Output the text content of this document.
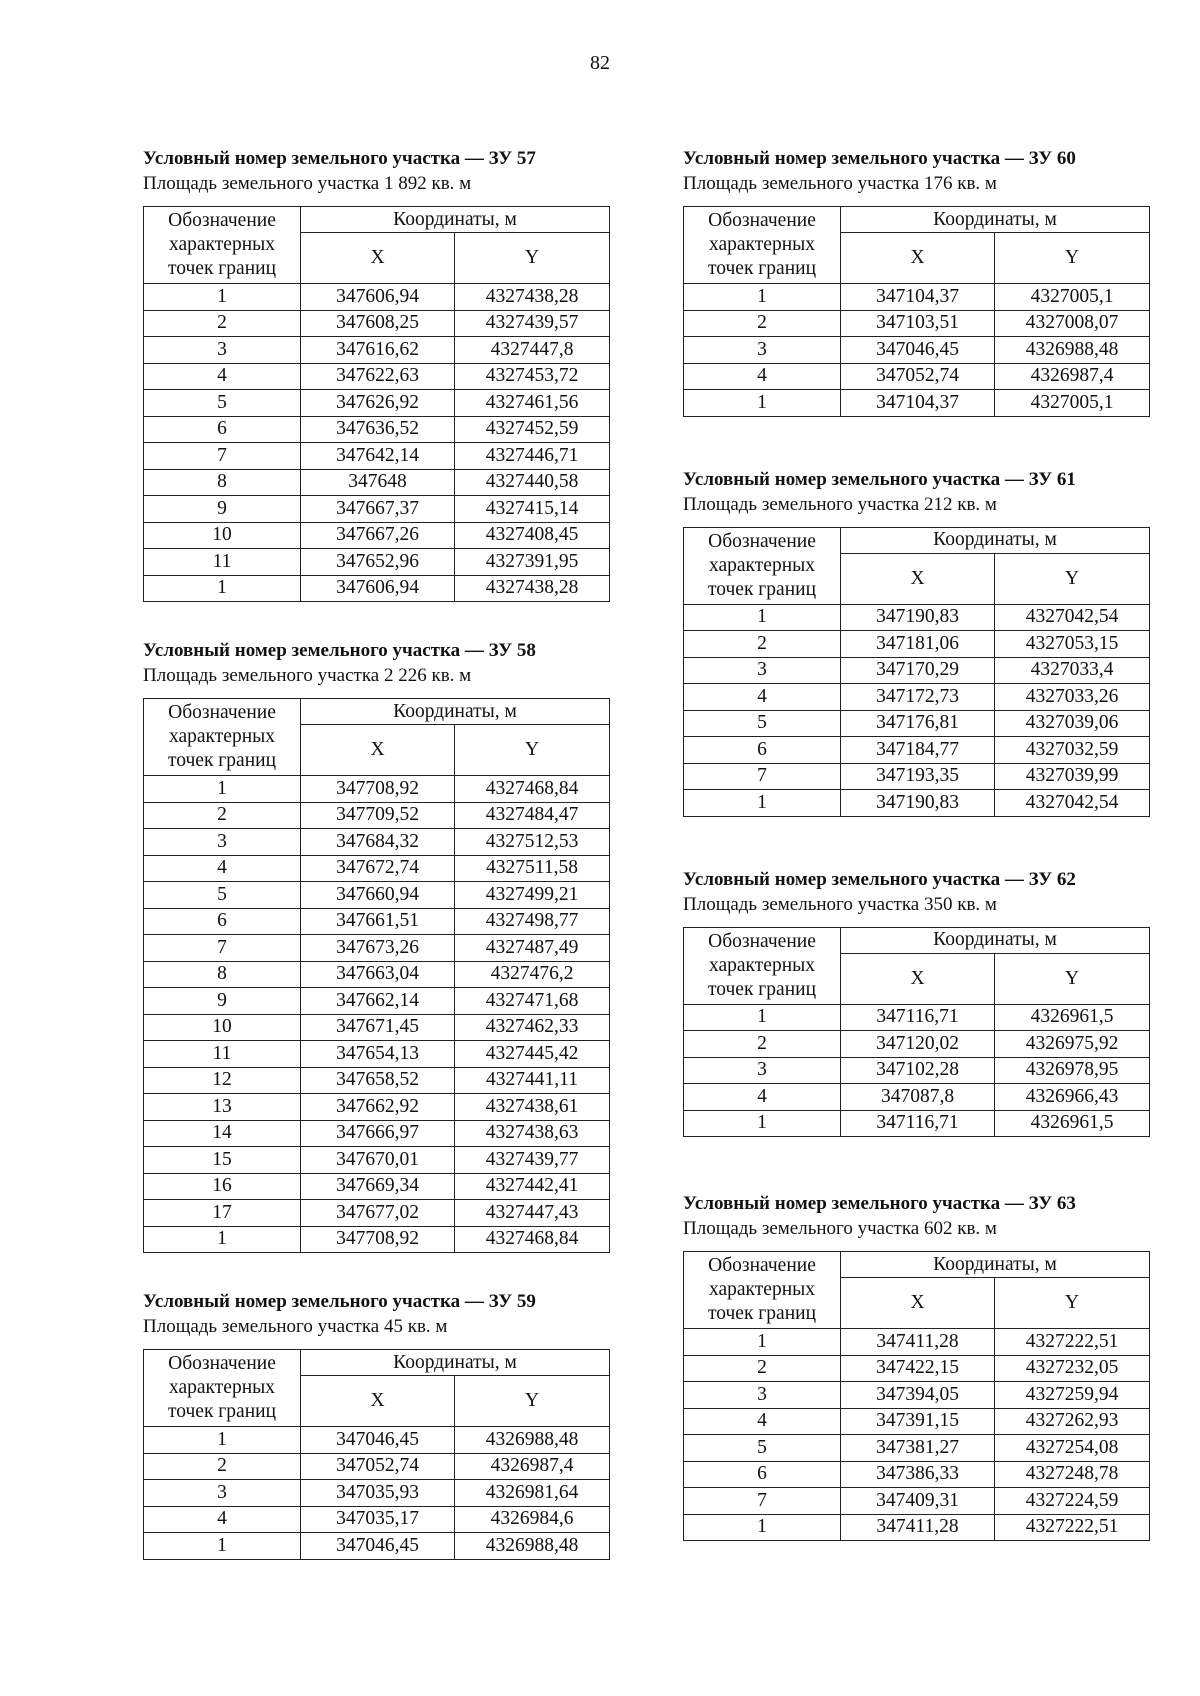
82
Условный номер земельного участка — ЗУ 57
Площадь земельного участка 1 892 кв. м
Обозначение характерных точек границ	Координаты, м	
	X	Y
1	347606,94	4327438,28
2	347608,25	4327439,57
3	347616,62	4327447,8
4	347622,63	4327453,72
5	347626,92	4327461,56
6	347636,52	4327452,59
7	347642,14	4327446,71
8	347648	4327440,58
9	347667,37	4327415,14
10	347667,26	4327408,45
11	347652,96	4327391,95
1	347606,94	4327438,28
Условный номер земельного участка — ЗУ 58
Площадь земельного участка 2 226 кв. м
Обозначение характерных точек границ	Координаты, м	
	X	Y
1	347708,92	4327468,84
2	347709,52	4327484,47
3	347684,32	4327512,53
4	347672,74	4327511,58
5	347660,94	4327499,21
6	347661,51	4327498,77
7	347673,26	4327487,49
8	347663,04	4327476,2
9	347662,14	4327471,68
10	347671,45	4327462,33
11	347654,13	4327445,42
12	347658,52	4327441,11
13	347662,92	4327438,61
14	347666,97	4327438,63
15	347670,01	4327439,77
16	347669,34	4327442,41
17	347677,02	4327447,43
1	347708,92	4327468,84
Условный номер земельного участка — ЗУ 59
Площадь земельного участка 45 кв. м
Обозначение характерных точек границ	Координаты, м	
	X	Y
1	347046,45	4326988,48
2	347052,74	4326987,4
3	347035,93	4326981,64
4	347035,17	4326984,6
1	347046,45	4326988,48
Условный номер земельного участка — ЗУ 60
Площадь земельного участка 176 кв. м
Обозначение характерных точек границ	Координаты, м	
	X	Y
1	347104,37	4327005,1
2	347103,51	4327008,07
3	347046,45	4326988,48
4	347052,74	4326987,4
1	347104,37	4327005,1
Условный номер земельного участка — ЗУ 61
Площадь земельного участка 212 кв. м
Обозначение характерных точек границ	Координаты, м	
	X	Y
1	347190,83	4327042,54
2	347181,06	4327053,15
3	347170,29	4327033,4
4	347172,73	4327033,26
5	347176,81	4327039,06
6	347184,77	4327032,59
7	347193,35	4327039,99
1	347190,83	4327042,54
Условный номер земельного участка — ЗУ 62
Площадь земельного участка 350 кв. м
Обозначение характерных точек границ	Координаты, м	
	X	Y
1	347116,71	4326961,5
2	347120,02	4326975,92
3	347102,28	4326978,95
4	347087,8	4326966,43
1	347116,71	4326961,5
Условный номер земельного участка — ЗУ 63
Площадь земельного участка 602 кв. м
Обозначение характерных точек границ	Координаты, м	
	X	Y
1	347411,28	4327222,51
2	347422,15	4327232,05
3	347394,05	4327259,94
4	347391,15	4327262,93
5	347381,27	4327254,08
6	347386,33	4327248,78
7	347409,31	4327224,59
1	347411,28	4327222,51
